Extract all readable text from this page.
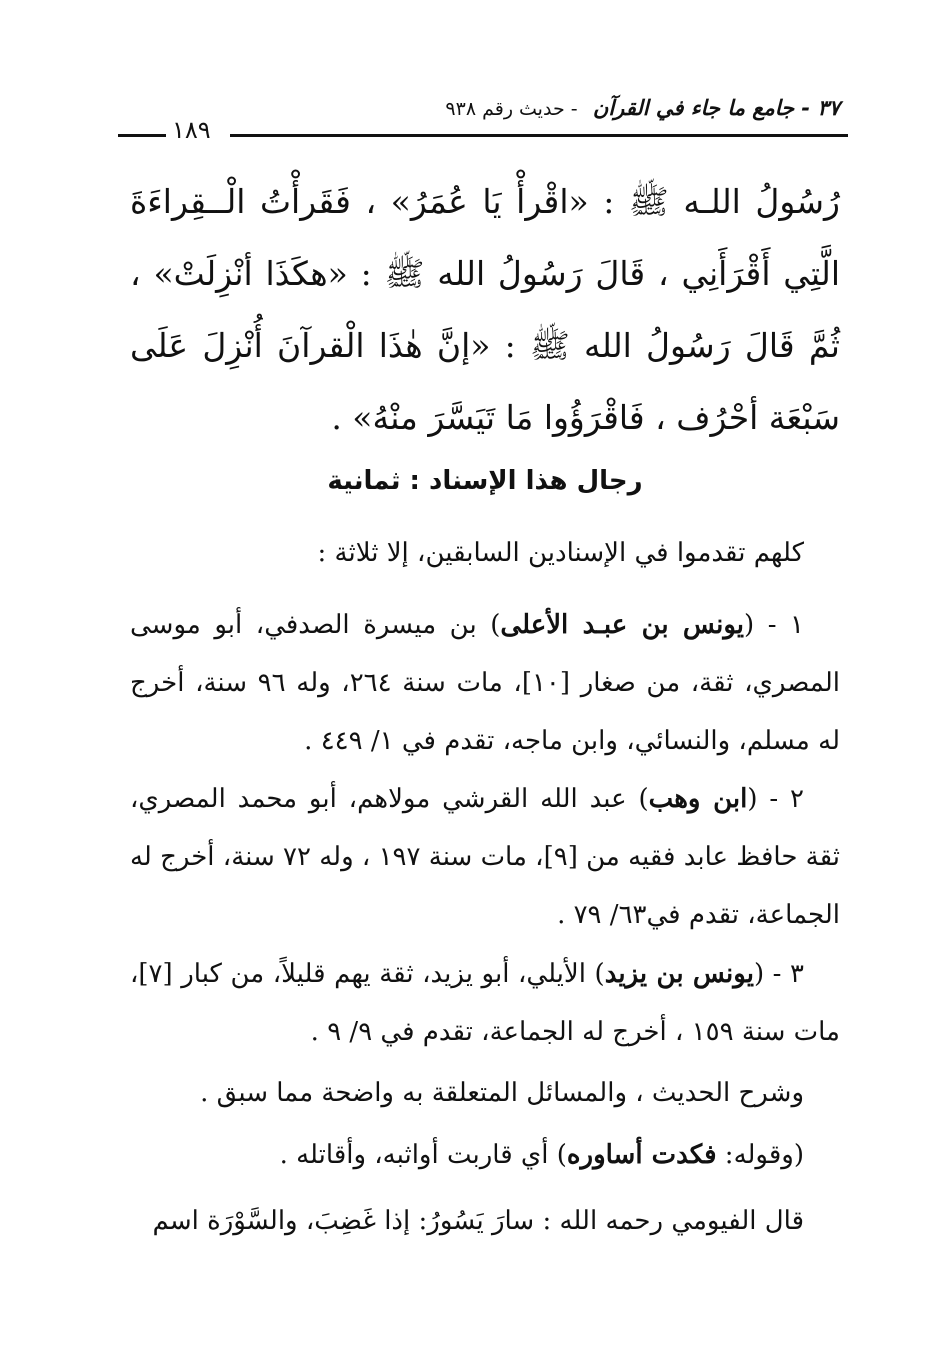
٣٧ - جامع ما جاء في القرآن - حديث رقم ٩٣٨
١٨٩
رُسُولُ اللـه ﷺ : «اقْرأْ يَا عُمَرُ» ، فَقَرأْتُ الْــقِراءَةَ الَّتِي أَقْرَأَنِي ، قَالَ رَسُولُ الله ﷺ : «هكَذَا أنْزِلَتْ» ، ثُمَّ قَالَ رَسُولُ الله ﷺ : «إنَّ هٰذَا الْقرآنَ أُنْزِلَ عَلَى سَبْعَة أحْرُف ، فَاقْرَؤُوا مَا تَيَسَّرَ منْهُ» .
رجال هذا الإسناد : ثمانية
كلهم تقدموا في الإسنادين السابقين، إلا ثلاثة :
١ - (يونس بن عبـد الأعلى) بن ميسرة الصدفي، أبو موسى المصري، ثقة، من صغار [١٠]، مات سنة ٢٦٤، وله ٩٦ سنة، أخرج له مسلم، والنسائي، وابن ماجه، تقدم في ١/ ٤٤٩ .
٢ - (ابن وهب) عبد الله القرشي مولاهم، أبو محمد المصري، ثقة حافظ عابد فقيه من [٩]، مات سنة ١٩٧ ، وله ٧٢ سنة، أخرج له الجماعة، تقدم في٦٣/ ٧٩ .
٣ - (يونس بن يزيد) الأيلي، أبو يزيد، ثقة يهم قليلاً، من كبار [٧]، مات سنة ١٥٩ ، أخرج له الجماعة، تقدم في ٩/ ٩ .
وشرح الحديث ، والمسائل المتعلقة به واضحة مما سبق .
(وقوله: فكدت أساوره) أي قاربت أواثبه، وأقاتله .
قال الفيومي رحمه الله : سارَ يَسُورُ: إذا غَضِبَ، والسَّوْرَة اسم
